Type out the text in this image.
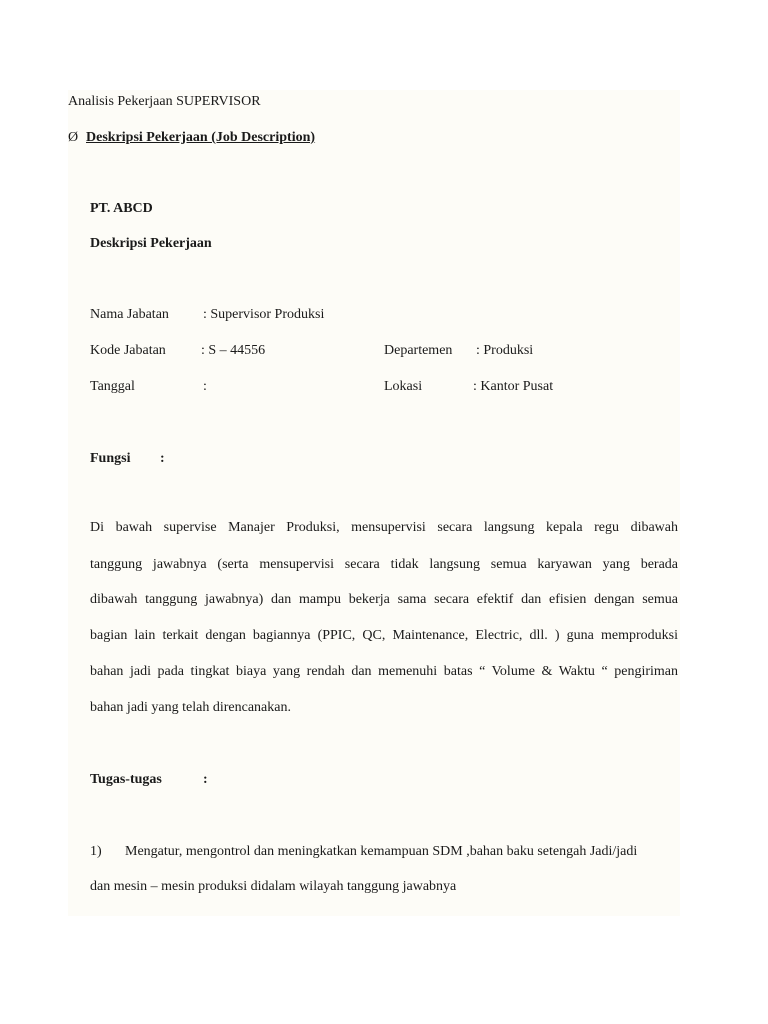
Analisis Pekerjaan SUPERVISOR
Ø Deskripsi Pekerjaan (Job Description)
PT. ABCD
Deskripsi Pekerjaan
Nama Jabatan : Supervisor Produksi
Kode Jabatan	: S – 44556	Departemen : Produksi
Tanggal	:	Lokasi	: Kantor Pusat
Fungsi :
Di bawah supervise Manajer Produksi, mensupervisi secara langsung kepala regu dibawah
tanggung jawabnya (serta mensupervisi secara tidak langsung semua karyawan yang berada
dibawah tanggung jawabnya) dan mampu bekerja sama secara efektif dan efisien dengan semua
bagian lain terkait dengan bagiannya (PPIC, QC, Maintenance, Electric, dll. ) guna memproduksi
bahan jadi pada tingkat biaya yang rendah dan memenuhi batas “ Volume & Waktu “ pengiriman
bahan jadi yang telah direncanakan.
Tugas-tugas	:
1) Mengatur, mengontrol dan meningkatkan kemampuan SDM ,bahan baku setengah Jadi/jadi
dan mesin – mesin produksi didalam wilayah tanggung jawabnya
